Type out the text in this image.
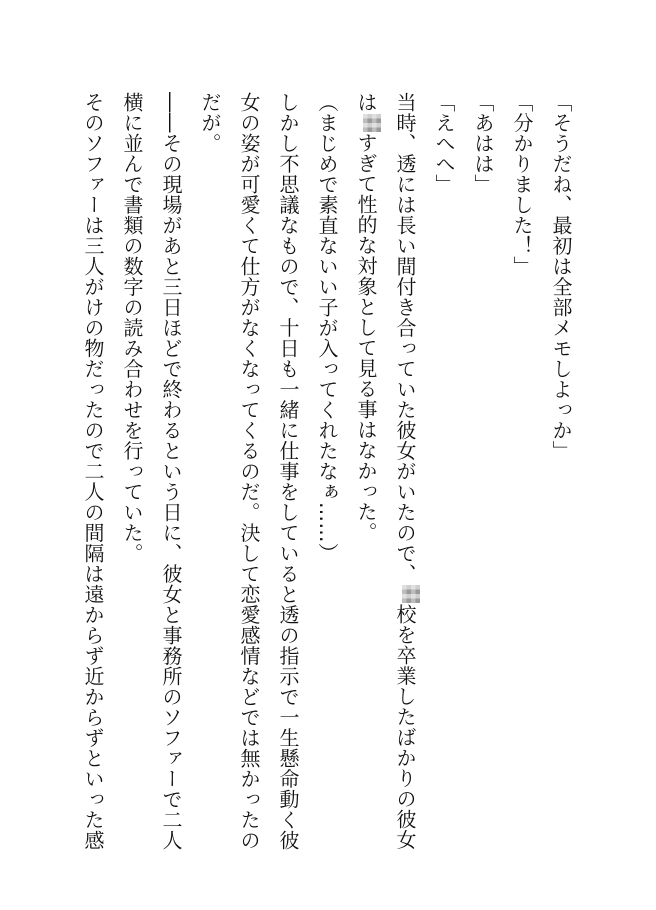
「そうだね、最初は全部メモしよっか」

「分かりました！」

「あはは」

「えへへ」

当時、透には長い間付き合っていた彼女がいたので、校を卒業したばかりの彼女はすぎて性的な対象として見る事はなかった。

（まじめで素直ないい子が入ってくれたなぁ……）

しかし不思議なもので、十日も一緒に仕事をしていると透の指示で一生懸命動く彼女の姿が可愛くて仕方がなくなってくるのだ。決して恋愛感情などでは無かったのだが。

――その現場があと三日ほどで終わるという日に、彼女と事務所のソファーで二人横に並んで書類の数字の読み合わせを行っていた。

そのソファーは三人がけの物だったので二人の間隔は遠からず近からずといった感
